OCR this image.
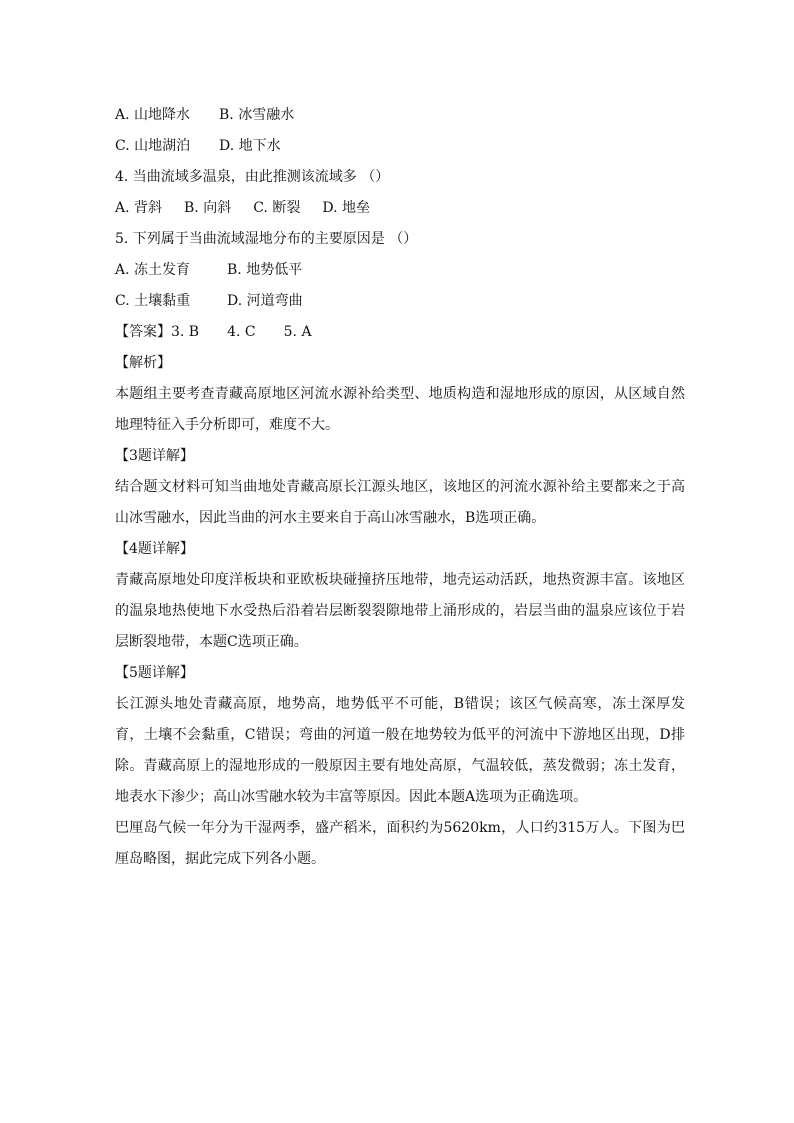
A. 山地降水 B. 冰雪融水
C. 山地湖泊 D. 地下水
4. 当曲流域多温泉，由此推测该流域多 （）
A. 背斜 B. 向斜 C. 断裂 D. 地垒
5. 下列属于当曲流域湿地分布的主要原因是 （）
A. 冻土发育	B. 地势低平
C. 土壤黏重	D. 河道弯曲
【答案】3. B 4. C 5. A
【解析】
本题组主要考查青藏高原地区河流水源补给类型、地质构造和湿地形成的原因，从区域自然地理特征入手分析即可，难度不大。
【3题详解】
结合题文材料可知当曲地处青藏高原长江源头地区，该地区的河流水源补给主要都来之于高山冰雪融水，因此当曲的河水主要来自于高山冰雪融水，B选项正确。
【4题详解】
青藏高原地处印度洋板块和亚欧板块碰撞挤压地带，地壳运动活跃，地热资源丰富。该地区的温泉地热使地下水受热后沿着岩层断裂裂隙地带上涌形成的，岩层当曲的温泉应该位于岩层断裂地带，本题C选项正确。
【5题详解】
长江源头地处青藏高原，地势高，地势低平不可能，B错误；该区气候高寒，冻土深厚发育，土壤不会黏重，C错误；弯曲的河道一般在地势较为低平的河流中下游地区出现，D排除。青藏高原上的湿地形成的一般原因主要有地处高原，气温较低，蒸发微弱；冻土发育，地表水下渗少；高山冰雪融水较为丰富等原因。因此本题A选项为正确选项。
巴厘岛气候一年分为干湿两季，盛产稻米，面积约为5620km，人口约315万人。下图为巴厘岛略图，据此完成下列各小题。
